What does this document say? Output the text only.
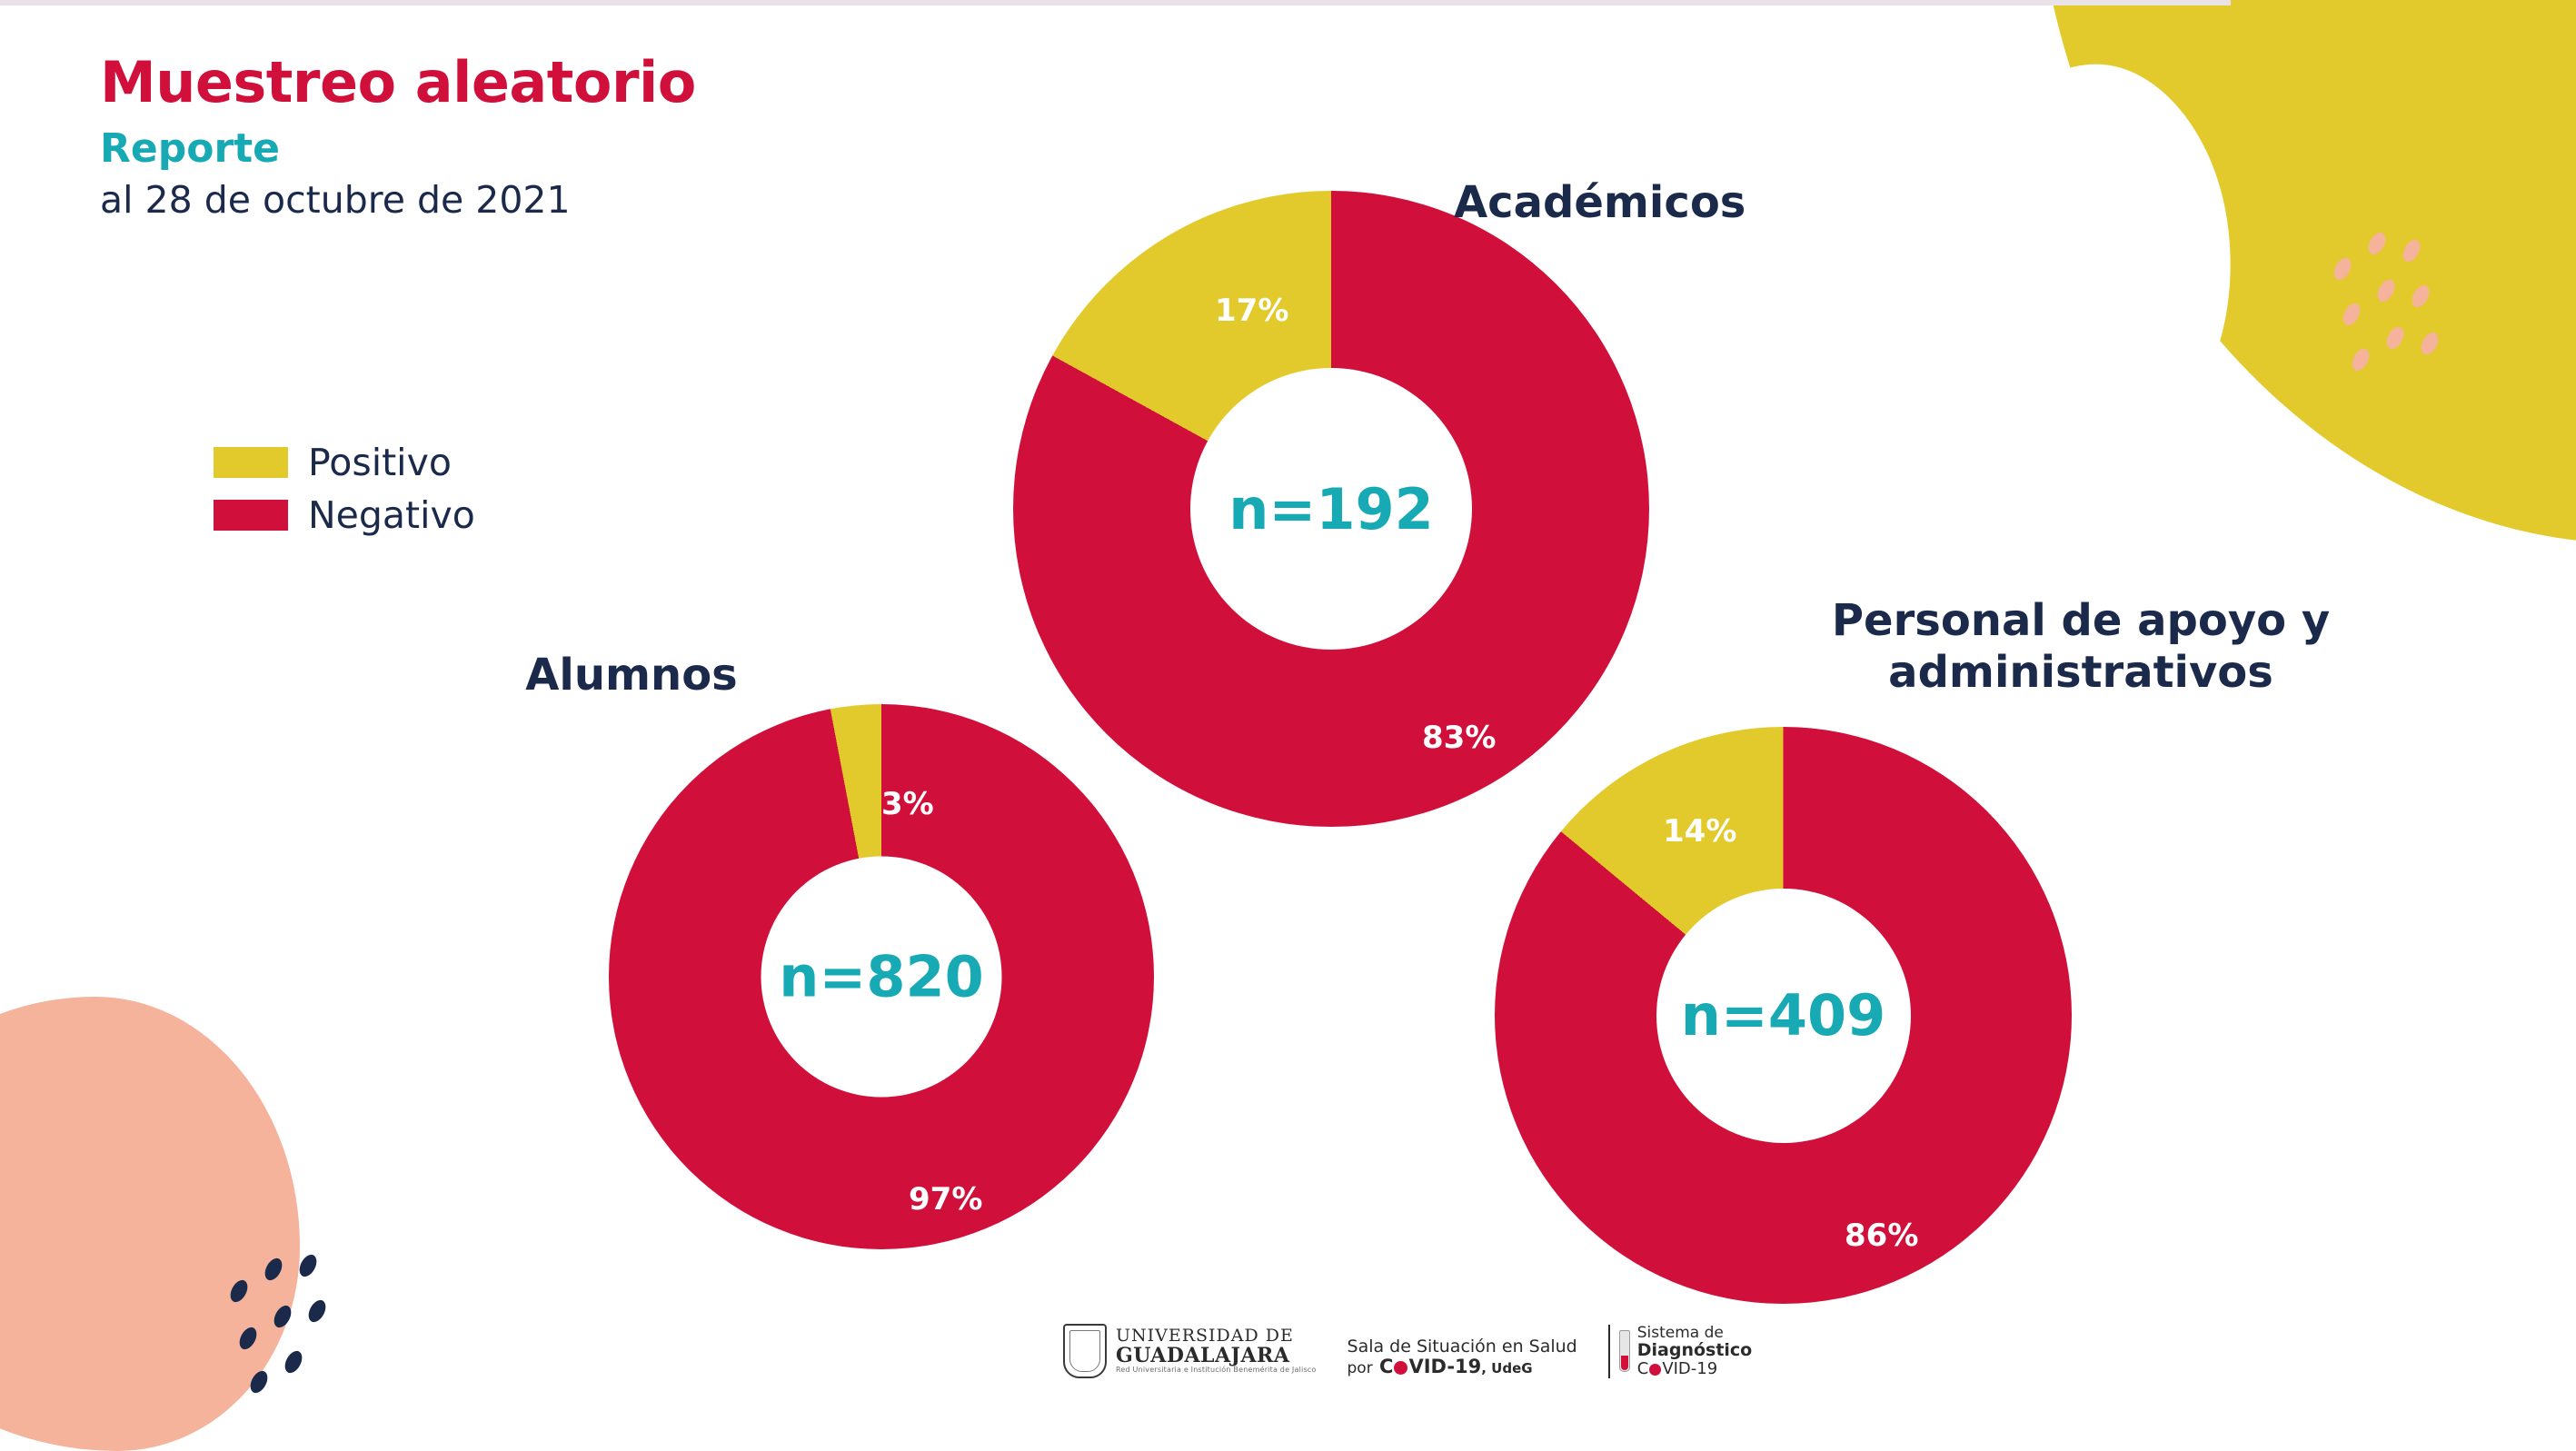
Muestreo aleatorio
Reporte
al 28 de octubre de 2021
Positivo
Negativo
Académicos
n=192
17%
83%
Alumnos
n=820
3%
97%
Personal de apoyo y
administrativos
n=409
14%
86%
UNIVERSIDAD DE
GUADALAJARA
Red Universitaria e Institución Benemérita de Jalisco
Sala de Situación en Salud
por C VID-19, UdeG
Sistema de
Diagnóstico
C VID-19
